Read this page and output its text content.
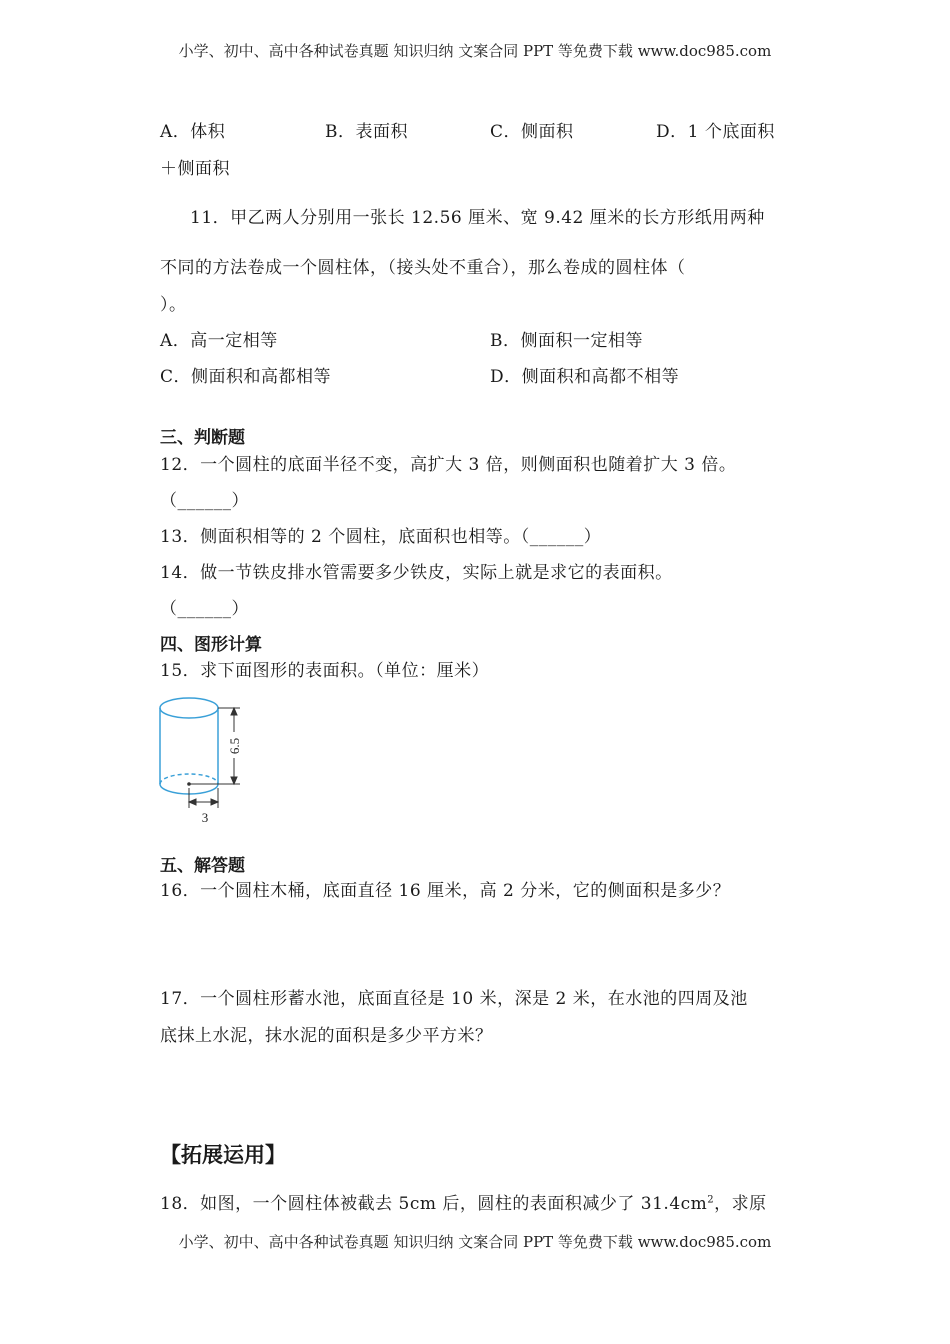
小学、初中、高中各种试卷真题 知识归纳 文案合同 PPT 等免费下载 www.doc985.com
A．体积	B．表面积	C．侧面积	D．1 个底面积
＋侧面积
11．甲乙两人分别用一张长 12.56 厘米、宽 9.42 厘米的长方形纸用两种
不同的方法卷成一个圆柱体，（接头处不重合），那么卷成的圆柱体（
）。
A．高一定相等	B．侧面积一定相等
C．侧面积和高都相等	D．侧面积和高都不相等
三、判断题
12．一个圆柱的底面半径不变，高扩大 3 倍，则侧面积也随着扩大 3 倍。
（______）
13．侧面积相等的 2 个圆柱，底面积也相等。（______）
14．做一节铁皮排水管需要多少铁皮，实际上就是求它的表面积。
（______）
四、图形计算
15．求下面图形的表面积。（单位：厘米）
6.5
3
五、解答题
16．一个圆柱木桶，底面直径 16 厘米，高 2 分米，它的侧面积是多少？
17．一个圆柱形蓄水池，底面直径是 10 米，深是 2 米，在水池的四周及池
底抹上水泥，抹水泥的面积是多少平方米？
【拓展运用】
18．如图，一个圆柱体被截去 5cm 后，圆柱的表面积减少了 $31.4cm^2$，求原
小学、初中、高中各种试卷真题 知识归纳 文案合同 PPT 等免费下载 www.doc985.com
